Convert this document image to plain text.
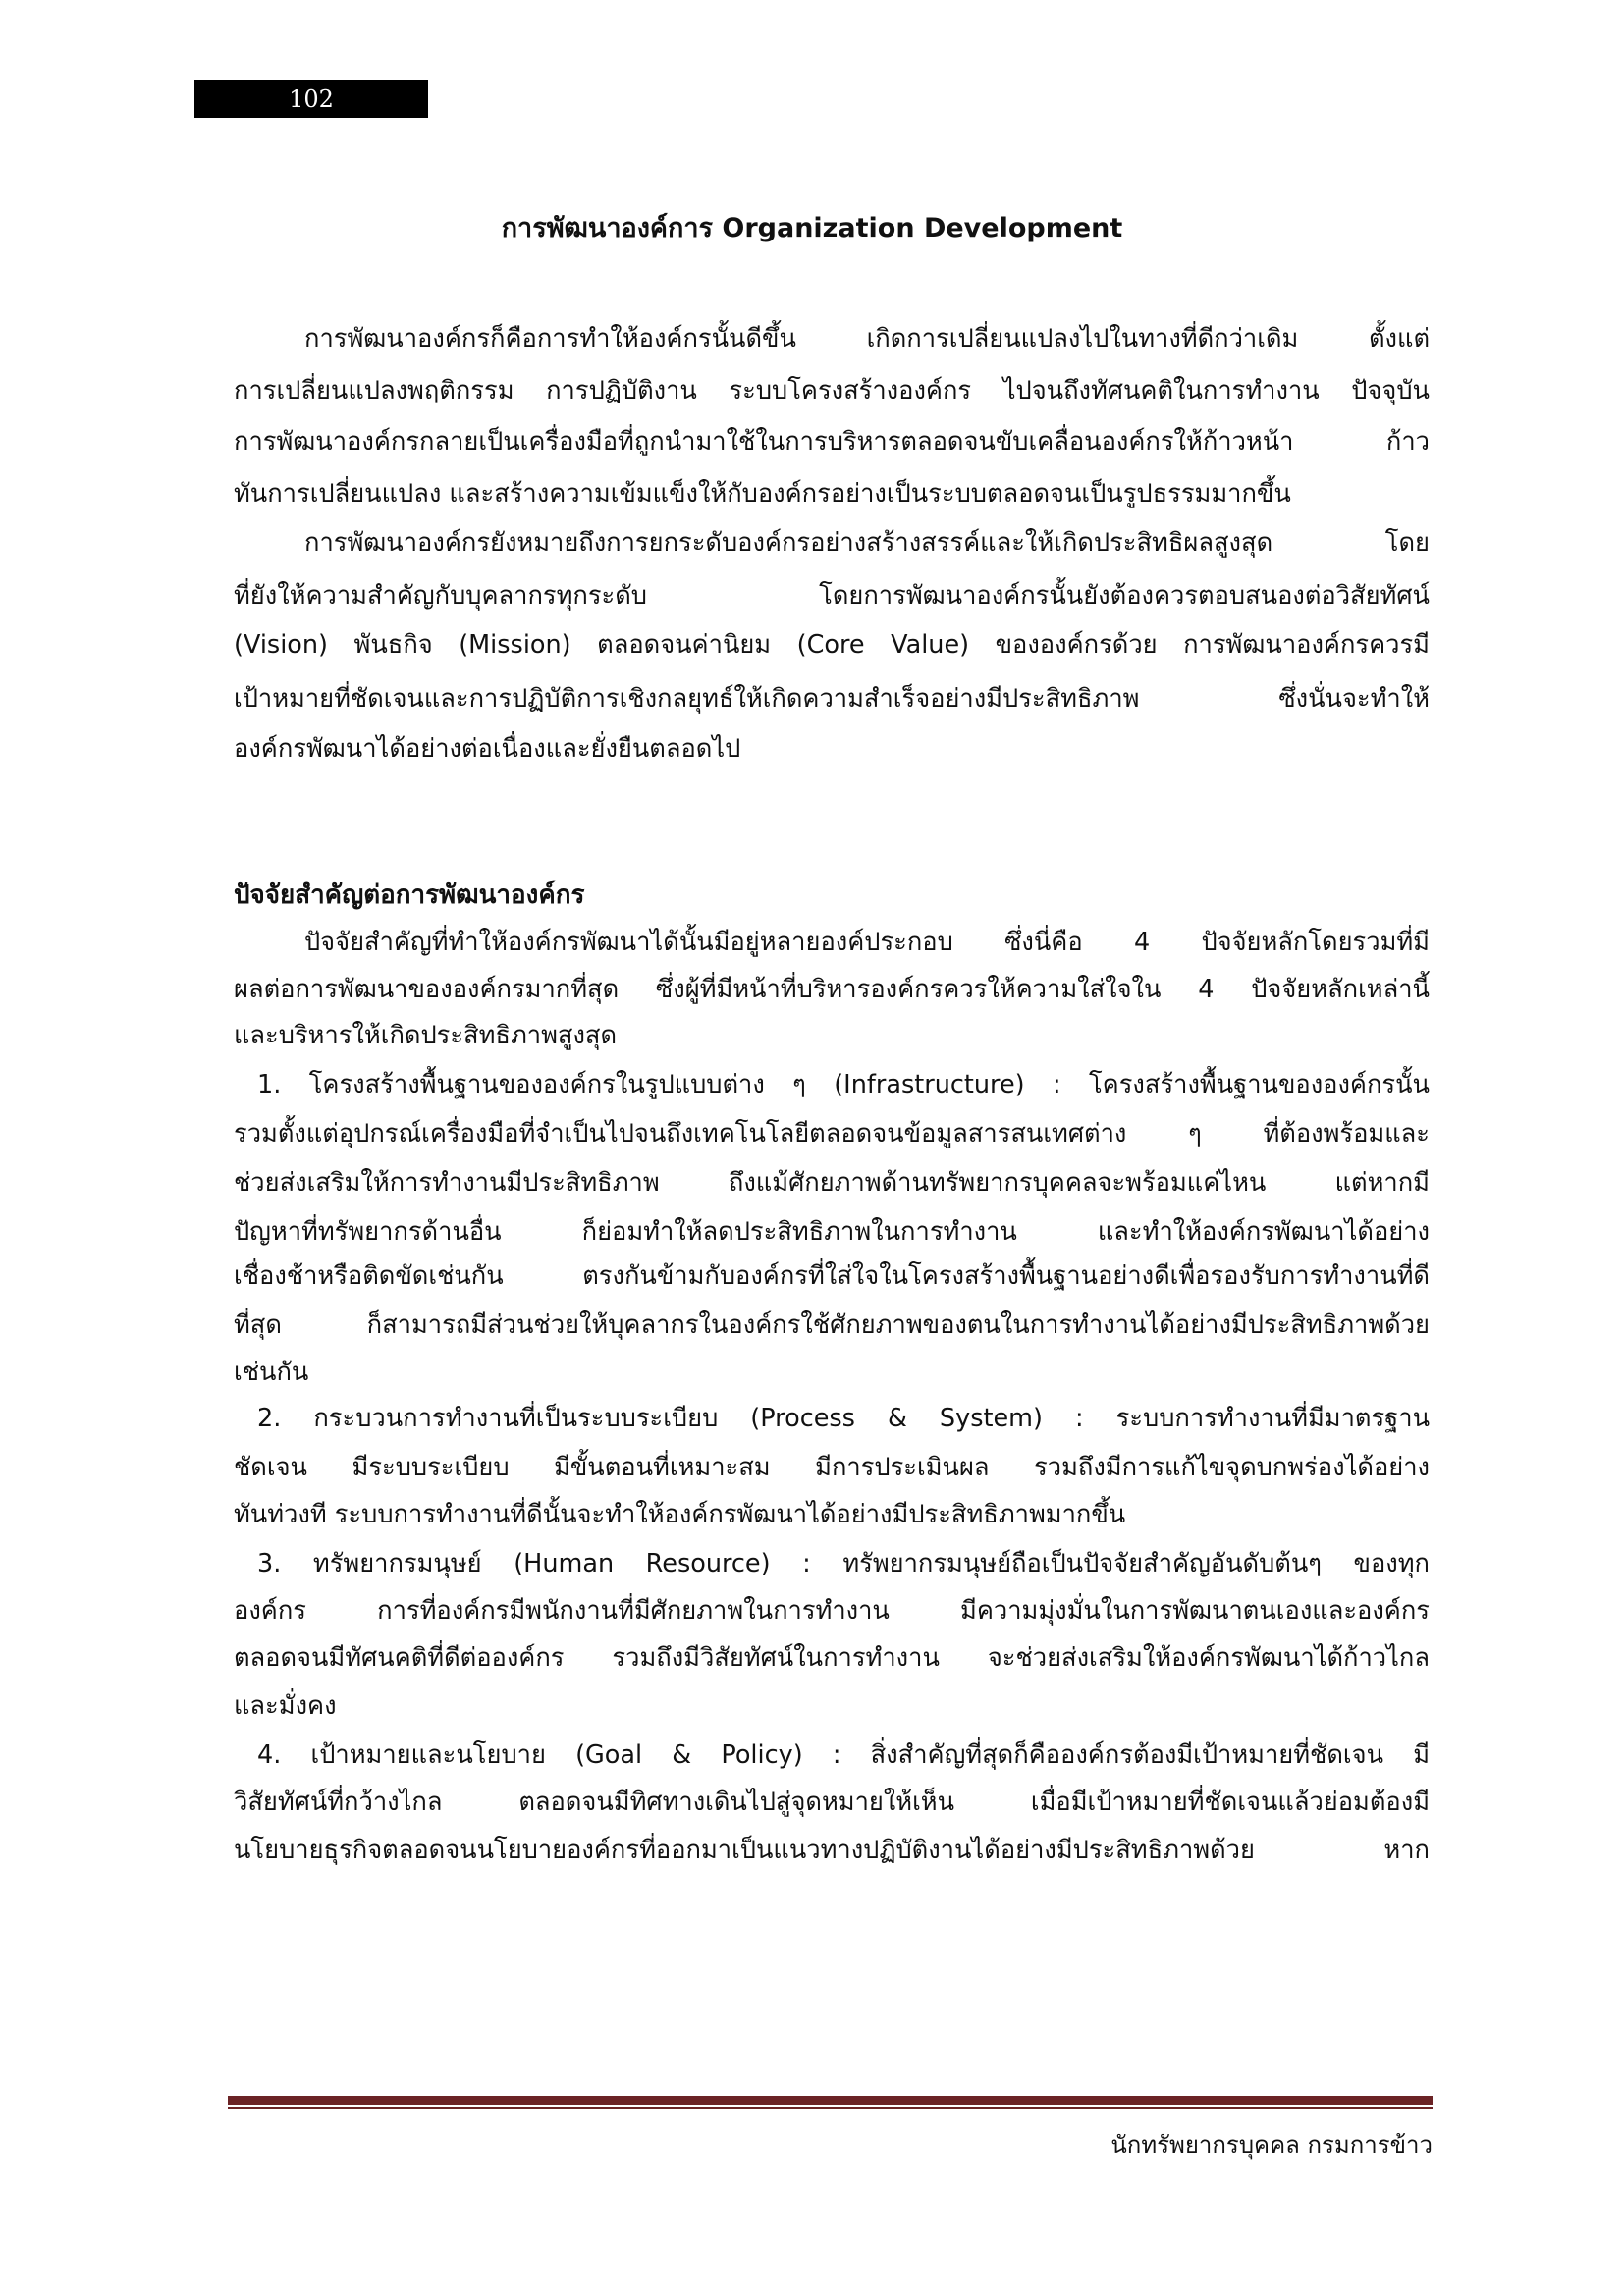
102
การพัฒนาองค์การ Organization Development
การพัฒนาองค์กรก็คือการทำให้องค์กรนั้นดีขึ้น เกิดการเปลี่ยนแปลงไปในทางที่ดีกว่าเดิม ตั้งแต่
การเปลี่ยนแปลงพฤติกรรม การปฏิบัติงาน ระบบโครงสร้างองค์กร ไปจนถึงทัศนคติในการทำงาน ปัจจุบัน
การพัฒนาองค์กรกลายเป็นเครื่องมือที่ถูกนำมาใช้ในการบริหารตลอดจนขับเคลื่อนองค์กรให้ก้าวหน้า ก้าว
ทันการเปลี่ยนแปลง และสร้างความเข้มแข็งให้กับองค์กรอย่างเป็นระบบตลอดจนเป็นรูปธรรมมากขึ้น
การพัฒนาองค์กรยังหมายถึงการยกระดับองค์กรอย่างสร้างสรรค์และให้เกิดประสิทธิผลสูงสุด โดย
ที่ยังให้ความสำคัญกับบุคลากรทุกระดับ โดยการพัฒนาองค์กรนั้นยังต้องควรตอบสนองต่อวิสัยทัศน์
(Vision) พันธกิจ (Mission) ตลอดจนค่านิยม (Core Value) ขององค์กรด้วย การพัฒนาองค์กรควรมี
เป้าหมายที่ชัดเจนและการปฏิบัติการเชิงกลยุทธ์ให้เกิดความสำเร็จอย่างมีประสิทธิภาพ ซึ่งนั่นจะทำให้
องค์กรพัฒนาได้อย่างต่อเนื่องและยั่งยืนตลอดไป
ปัจจัยสำคัญต่อการพัฒนาองค์กร
ปัจจัยสำคัญที่ทำให้องค์กรพัฒนาได้นั้นมีอยู่หลายองค์ประกอบ ซึ่งนี่คือ 4 ปัจจัยหลักโดยรวมที่มี
ผลต่อการพัฒนาขององค์กรมากที่สุด ซึ่งผู้ที่มีหน้าที่บริหารองค์กรควรให้ความใส่ใจใน 4 ปัจจัยหลักเหล่านี้
และบริหารให้เกิดประสิทธิภาพสูงสุด
1. โครงสร้างพื้นฐานขององค์กรในรูปแบบต่าง ๆ (Infrastructure) : โครงสร้างพื้นฐานขององค์กรนั้น
รวมตั้งแต่อุปกรณ์เครื่องมือที่จำเป็นไปจนถึงเทคโนโลยีตลอดจนข้อมูลสารสนเทศต่าง ๆ ที่ต้องพร้อมและ
ช่วยส่งเสริมให้การทำงานมีประสิทธิภาพ ถึงแม้ศักยภาพด้านทรัพยากรบุคคลจะพร้อมแค่ไหน แต่หากมี
ปัญหาที่ทรัพยากรด้านอื่น ก็ย่อมทำให้ลดประสิทธิภาพในการทำงาน และทำให้องค์กรพัฒนาได้อย่าง
เชื่องช้าหรือติดขัดเช่นกัน ตรงกันข้ามกับองค์กรที่ใส่ใจในโครงสร้างพื้นฐานอย่างดีเพื่อรองรับการทำงานที่ดี
ที่สุด ก็สามารถมีส่วนช่วยให้บุคลากรในองค์กรใช้ศักยภาพของตนในการทำงานได้อย่างมีประสิทธิภาพด้วย
เช่นกัน
2. กระบวนการทำงานที่เป็นระบบระเบียบ (Process & System) : ระบบการทำงานที่มีมาตรฐาน
ชัดเจน มีระบบระเบียบ มีขั้นตอนที่เหมาะสม มีการประเมินผล รวมถึงมีการแก้ไขจุดบกพร่องได้อย่าง
ทันท่วงที ระบบการทำงานที่ดีนั้นจะทำให้องค์กรพัฒนาได้อย่างมีประสิทธิภาพมากขึ้น
3. ทรัพยากรมนุษย์ (Human Resource) : ทรัพยากรมนุษย์ถือเป็นปัจจัยสำคัญอันดับต้นๆ ของทุก
องค์กร การที่องค์กรมีพนักงานที่มีศักยภาพในการทำงาน มีความมุ่งมั่นในการพัฒนาตนเองและองค์กร
ตลอดจนมีทัศนคติที่ดีต่อองค์กร รวมถึงมีวิสัยทัศน์ในการทำงาน จะช่วยส่งเสริมให้องค์กรพัฒนาได้ก้าวไกล
และมั่งคง
4. เป้าหมายและนโยบาย (Goal & Policy) : สิ่งสำคัญที่สุดก็คือองค์กรต้องมีเป้าหมายที่ชัดเจน มี
วิสัยทัศน์ที่กว้างไกล ตลอดจนมีทิศทางเดินไปสู่จุดหมายให้เห็น เมื่อมีเป้าหมายที่ชัดเจนแล้วย่อมต้องมี
นโยบายธุรกิจตลอดจนนโยบายองค์กรที่ออกมาเป็นแนวทางปฏิบัติงานได้อย่างมีประสิทธิภาพด้วย หาก
นักทรัพยากรบุคคล กรมการข้าว
